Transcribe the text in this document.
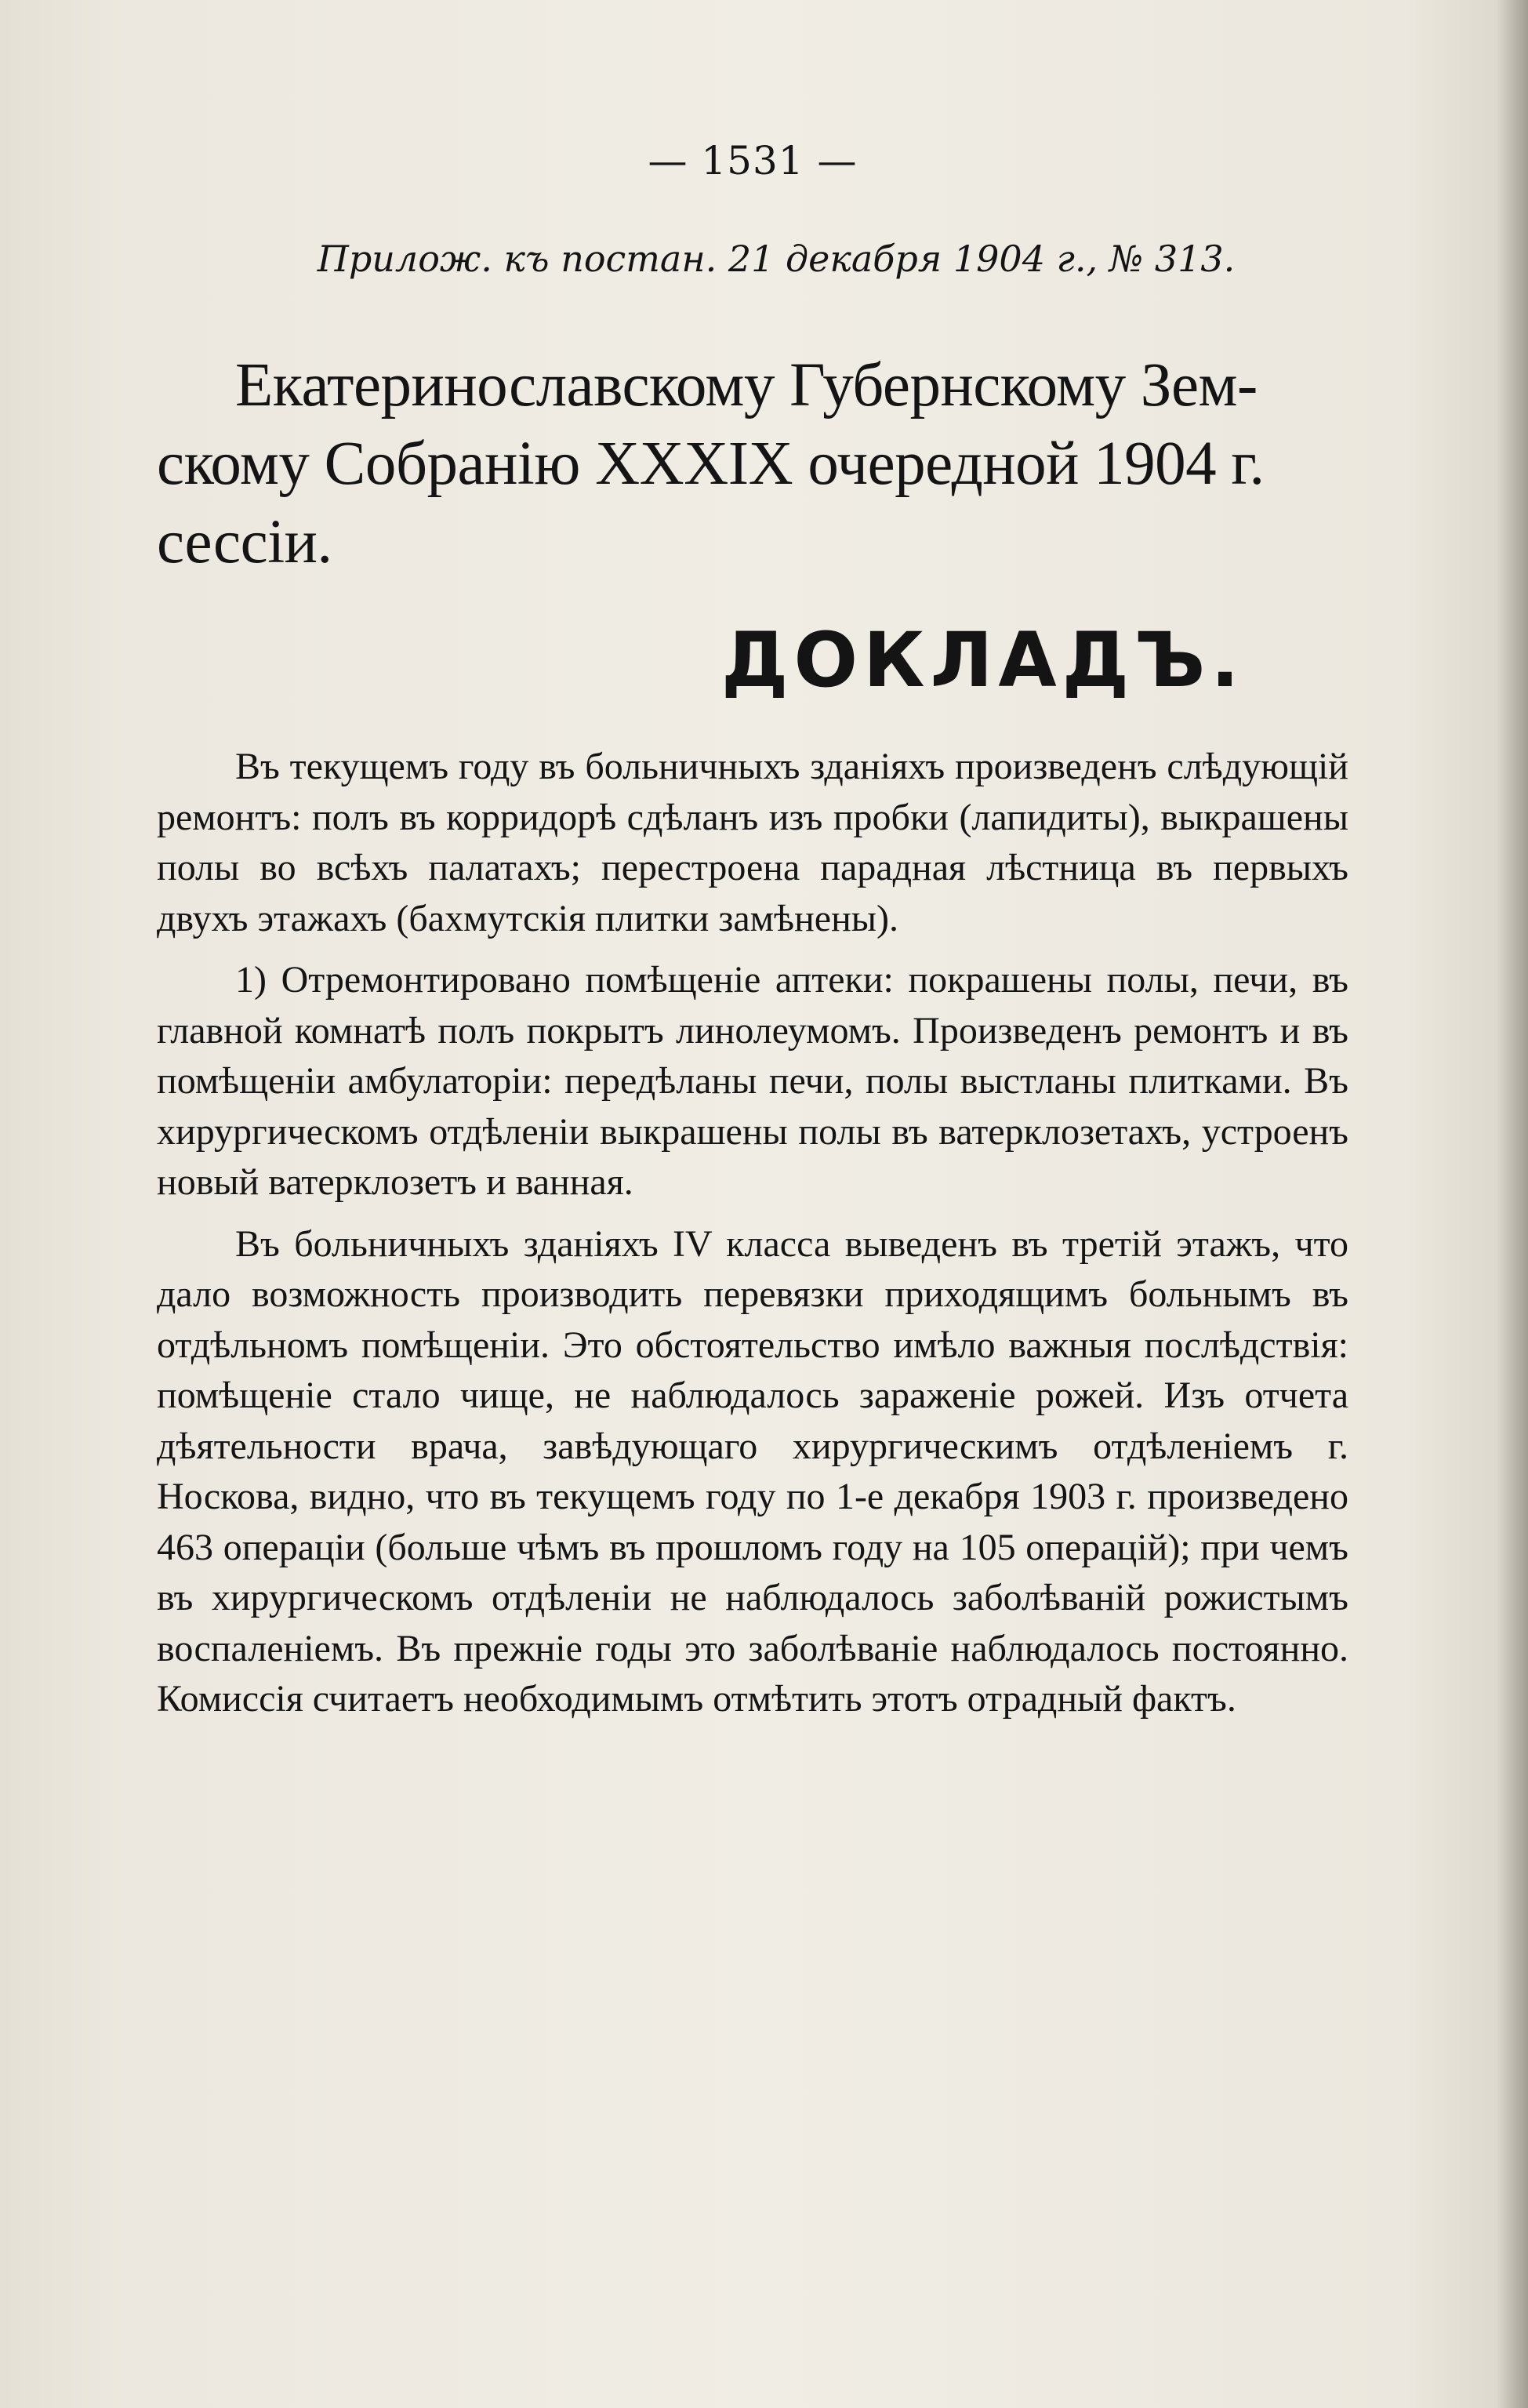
— 1531 —

Прилож. къ постан. 21 декабря 1904 г., № 313.

Екатеринославскому Губернскому Зем-
скому Собранiю XXXIX очередной 1904 г.
сессiи.
ДОКЛАДЪ.

Въ текущемъ году въ больничныхъ зданiяхъ произведенъ слѣдующiй ремонтъ: полъ въ корридорѣ сдѣланъ изъ пробки (лапидиты), выкрашены полы во всѣхъ палатахъ; перестроена парадная лѣстница въ первыхъ двухъ этажахъ (бахмутскiя плитки замѣнены).

1) Отремонтировано помѣщенiе аптеки: покрашены полы, печи, въ главной комнатѣ полъ покрытъ линолеумомъ. Произведенъ ремонтъ и въ помѣщенiи амбулаторiи: передѣланы печи, полы выстланы плитками. Въ хирургическомъ отдѣленiи выкрашены полы въ ватерклозетахъ, устроенъ новый ватерклозетъ и ванная.

Въ больничныхъ зданiяхъ IV класса выведенъ въ третiй этажъ, что дало возможность производить перевязки приходящимъ больнымъ въ отдѣльномъ помѣщенiи. Это обстоятельство имѣло важныя послѣдствiя: помѣщенiе стало чище, не наблюдалось зараженiе рожей. Изъ отчета дѣятельности врача, завѣдующаго хирургическимъ отдѣленiемъ г. Носкова, видно, что въ текущемъ году по 1-е декабря 1903 г. произведено 463 операцiи (больше чѣмъ въ прошломъ году на 105 операцiй); при чемъ въ хирургическомъ отдѣленiи не наблюдалось заболѣванiй рожистымъ воспаленiемъ. Въ прежнiе годы это заболѣванiе наблюдалось постоянно. Комиссiя считаетъ необходимымъ отмѣтить этотъ отрадный фактъ.
